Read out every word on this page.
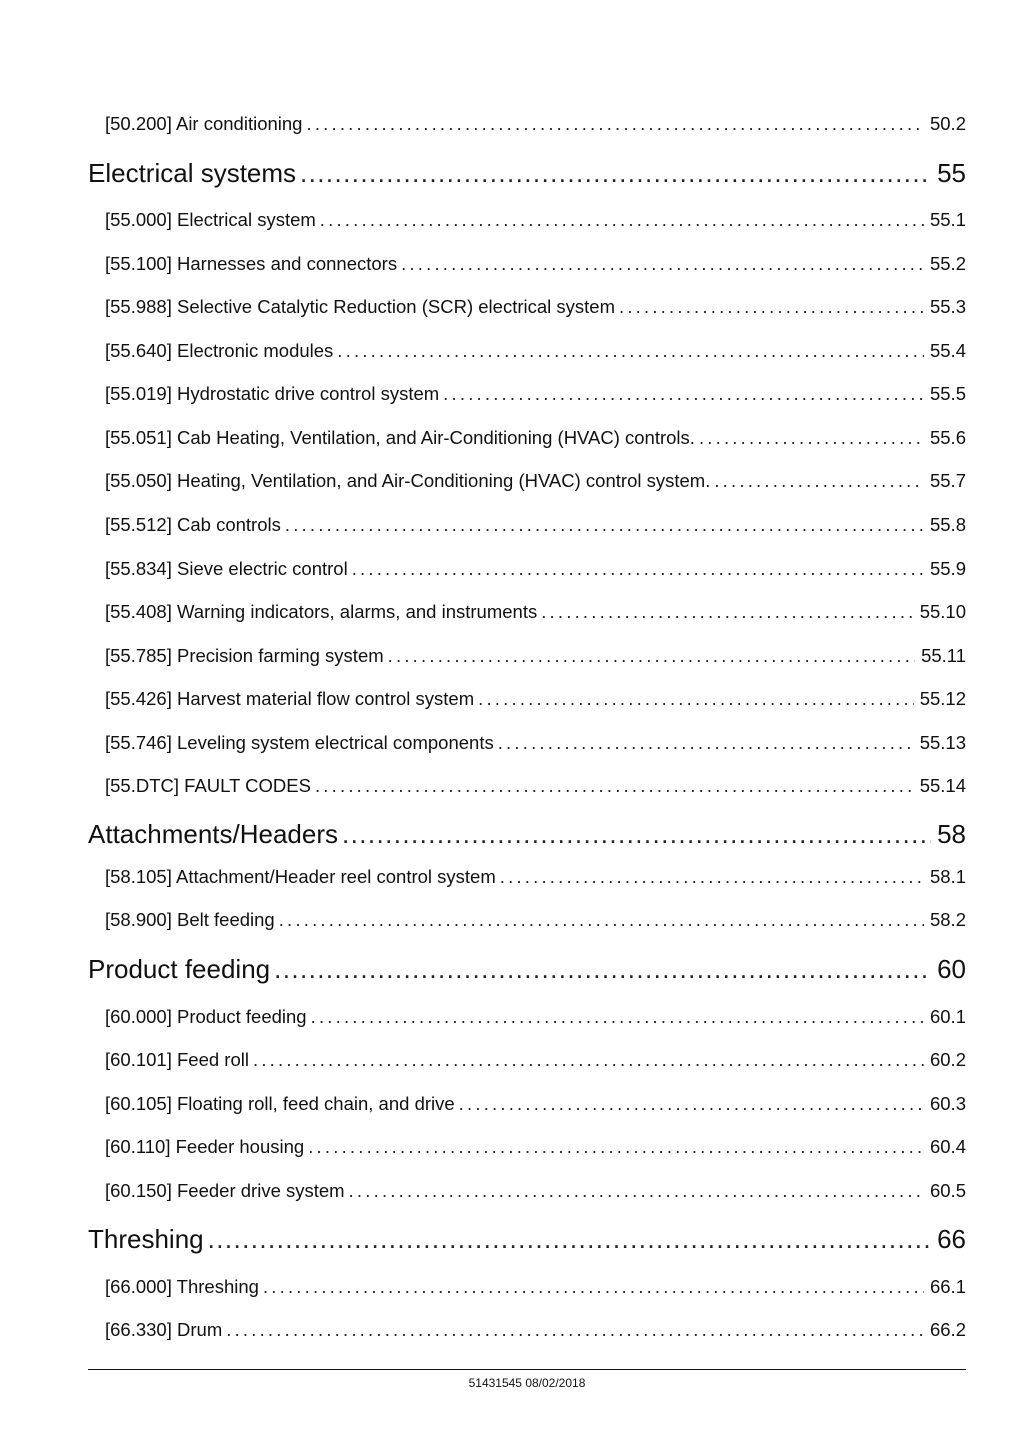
[50.200] Air conditioning .....	50.2
Electrical systems .....	55
[55.000] Electrical system .....	55.1
[55.100] Harnesses and connectors .....	55.2
[55.988] Selective Catalytic Reduction (SCR) electrical system .....	55.3
[55.640] Electronic modules .....	55.4
[55.019] Hydrostatic drive control system .....	55.5
[55.051] Cab Heating, Ventilation, and Air-Conditioning (HVAC) controls. .....	55.6
[55.050] Heating, Ventilation, and Air-Conditioning (HVAC) control system. .....	55.7
[55.512] Cab controls .....	55.8
[55.834] Sieve electric control .....	55.9
[55.408] Warning indicators, alarms, and instruments .....	55.10
[55.785] Precision farming system .....	55.11
[55.426] Harvest material flow control system .....	55.12
[55.746] Leveling system electrical components .....	55.13
[55.DTC] FAULT CODES .....	55.14
Attachments/Headers .....	58
[58.105] Attachment/Header reel control system .....	58.1
[58.900] Belt feeding .....	58.2
Product feeding .....	60
[60.000] Product feeding .....	60.1
[60.101] Feed roll .....	60.2
[60.105] Floating roll, feed chain, and drive .....	60.3
[60.110] Feeder housing .....	60.4
[60.150] Feeder drive system .....	60.5
Threshing .....	66
[66.000] Threshing .....	66.1
[66.330] Drum .....	66.2
51431545 08/02/2018
